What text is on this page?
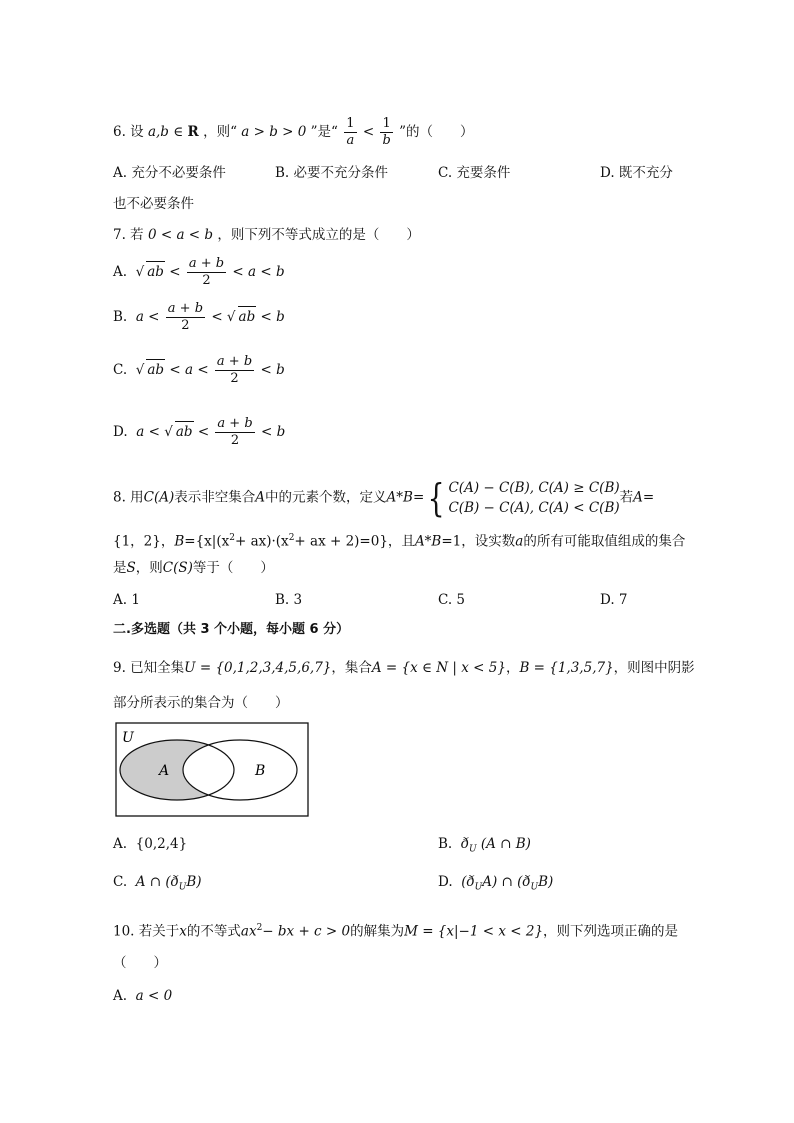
6. 设 a,b ∈ R ，则“ a > b > 0 ”是“ $\frac{1}{a} < \frac{1}{b}$ ”的（　　）
A. 充分不必要条件	B. 必要不充分条件	C. 充要条件	D. 既不充分
也不必要条件
7. 若 0 < a < b ，则下列不等式成立的是（　　）
A. √ ab < $\frac{a + b}{2} < a < b$
B. $a < \frac{a + b}{2}$ < √ ab < b
C. √ ab < $a < \frac{a + b}{2} < b$
D. a < √ ab < $\frac{a + b}{2} < b$
8. 用C(A)表示非空集合A中的元素个数，定义A*B={ C(A) − C(B), C(A) ≥ C(B)
C(B) − C(A), C(A) < C(B)
若A=
{1，2}，$B=\{x|(x^2+ ax)\cdot(x^2+$ ax + 2)=0}，且A*B=1，设实数a的所有可能取值组成的集合
是S，则C(S)等于（　　）
A. 1	B. 3	C. 5	D. 7
二.多选题（共 3 个小题，每小题 6 分）
9. 已知全集U = {0,1,2,3,4,5,6,7}，集合A = {x ∈ N | x < 5}，B = {1,3,5,7}，则图中阴影
部分所表示的集合为（　　）
U
A	B
A. {0,2,4}	B. $ð_U$ (A ∩ B)
C. A ∩ $(ð_UB)$	D. $(ð_UA)$ ∩ $(ð_UB)$
10. 若关于x的不等式$ax^2-$ bx + c > 0的解集为M = {x|−1 < x < 2}，则下列选项正确的是
（　　）
A. a < 0
